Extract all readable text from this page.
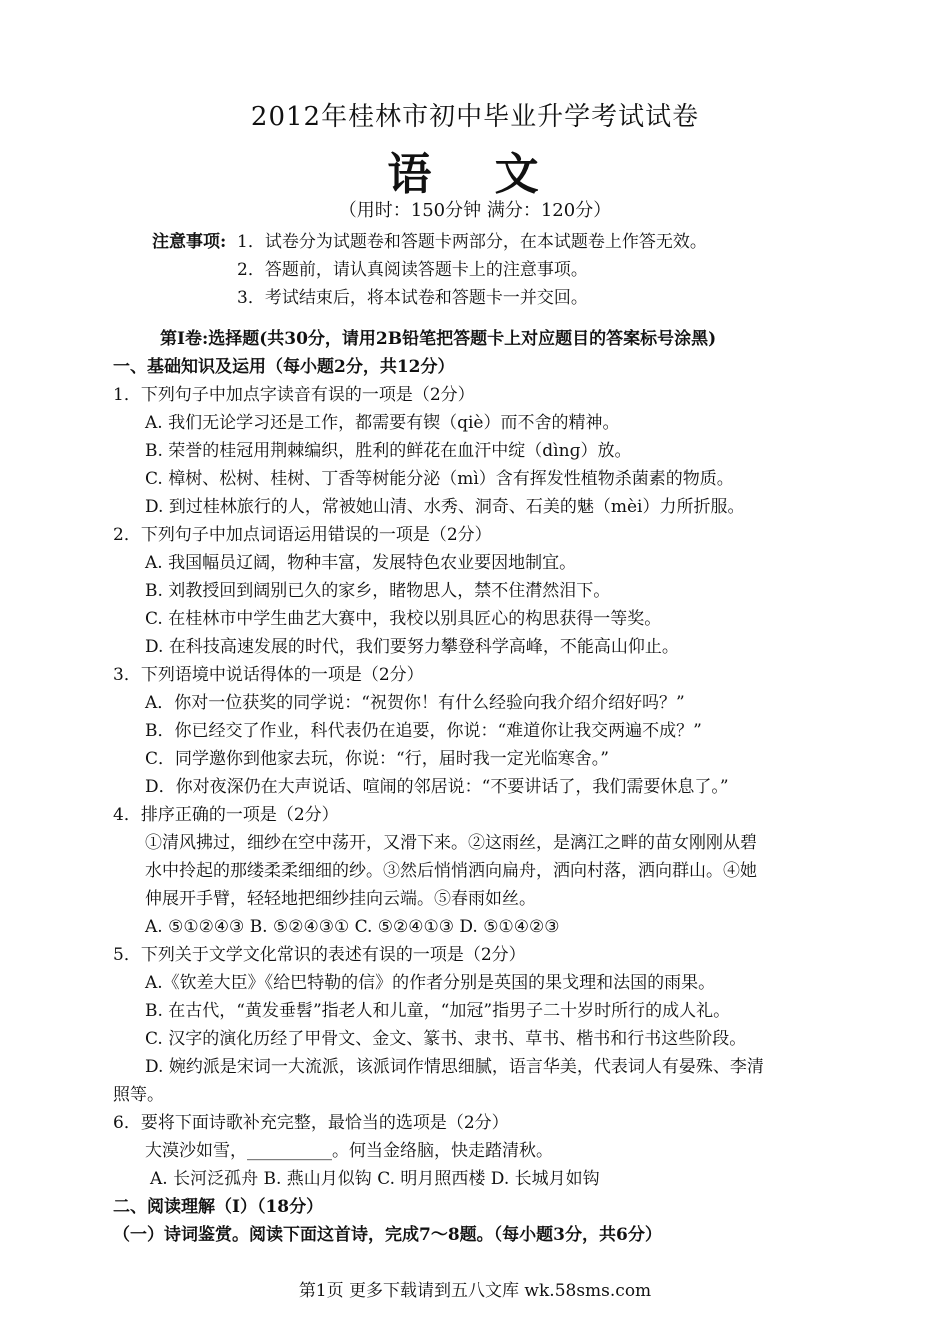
2012年桂林市初中毕业升学考试试卷
语 文
（用时：150分钟 满分：120分）
注意事项: 1．试卷分为试题卷和答题卡两部分，在本试题卷上作答无效。
2．答题前，请认真阅读答题卡上的注意事项。
3．考试结束后，将本试卷和答题卡一并交回。
第Ⅰ卷:选择题(共30分，请用2B铅笔把答题卡上对应题目的答案标号涂黑)
一、基础知识及运用（每小题2分，共12分）
1．下列句子中加点字读音有误的一项是（2分）
A. 我们无论学习还是工作，都需要有锲（qiè）而不舍的精神。
B. 荣誉的桂冠用荆棘编织，胜利的鲜花在血汗中绽（dìnɡ）放。
C. 樟树、松树、桂树、丁香等树能分泌（mì）含有挥发性植物杀菌素的物质。
D. 到过桂林旅行的人，常被她山清、水秀、洞奇、石美的魅（mèi）力所折服。
2．下列句子中加点词语运用错误的一项是（2分）
A. 我国幅员辽阔，物种丰富，发展特色农业要因地制宜。
B. 刘教授回到阔别已久的家乡，睹物思人，禁不住潸然泪下。
C. 在桂林市中学生曲艺大赛中，我校以别具匠心的构思获得一等奖。
D. 在科技高速发展的时代，我们要努力攀登科学高峰，不能高山仰止。
3．下列语境中说话得体的一项是（2分）
A．你对一位获奖的同学说：“祝贺你！有什么经验向我介绍介绍好吗？”
B．你已经交了作业，科代表仍在追要，你说：“难道你让我交两遍不成？”
C．同学邀你到他家去玩，你说：“行，届时我一定光临寒舍。”
D．你对夜深仍在大声说话、喧闹的邻居说：“不要讲话了，我们需要休息了。”
4．排序正确的一项是（2分）
①清风拂过，细纱在空中荡开，又滑下来。②这雨丝，是漓江之畔的苗女刚刚从碧
水中拎起的那缕柔柔细细的纱。③然后悄悄洒向扁舟，洒向村落，洒向群山。④她
伸展开手臂，轻轻地把细纱挂向云端。⑤春雨如丝。
A. ⑤①②④③ B. ⑤②④③① C. ⑤②④①③ D. ⑤①④②③
5．下列关于文学文化常识的表述有误的一项是（2分）
A.《钦差大臣》《给巴特勒的信》的作者分别是英国的果戈理和法国的雨果。
B. 在古代，“黄发垂髫”指老人和儿童，“加冠”指男子二十岁时所行的成人礼。
C. 汉字的演化历经了甲骨文、金文、篆书、隶书、草书、楷书和行书这些阶段。
D. 婉约派是宋词一大流派，该派词作情思细腻，语言华美，代表词人有晏殊、李清
照等。
6．要将下面诗歌补充完整，最恰当的选项是（2分）
大漠沙如雪，__________。何当金络脑，快走踏清秋。
A. 长河泛孤舟 B. 燕山月似钩 C. 明月照西楼 D. 长城月如钩
二、阅读理解（Ⅰ）（18分）
（一）诗词鉴赏。阅读下面这首诗，完成7～8题。（每小题3分，共6分）
第1页 更多下载请到五八文库 wk.58sms.com
